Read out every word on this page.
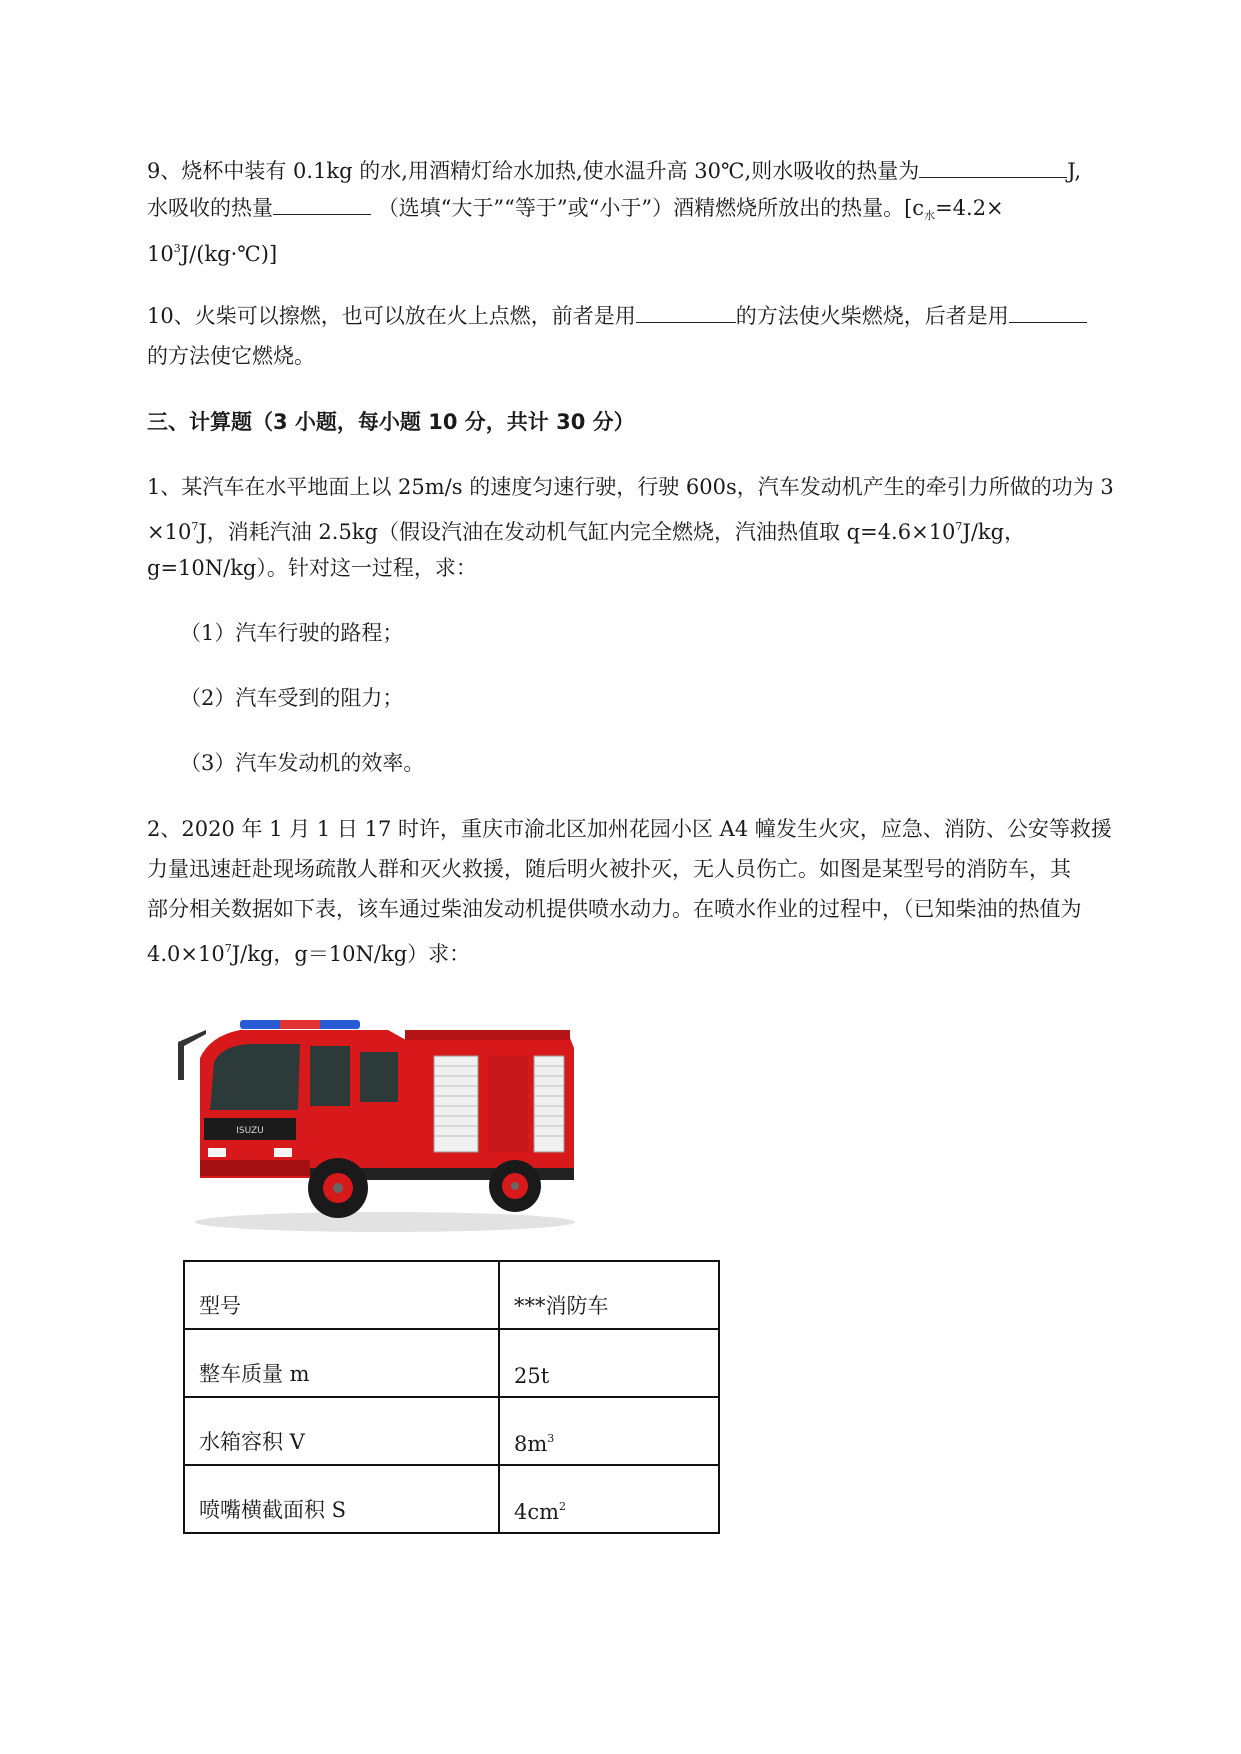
9、烧杯中装有 0.1kg 的水,用酒精灯给水加热,使水温升高 30℃,则水吸收的热量为	J,
水吸收的热量	（选填“大于”“等于”或“小于”）酒精燃烧所放出的热量。[$c_水=4.2\times$
$10^3J/(kg\cdot℃)$]
10、火柴可以擦燃，也可以放在火上点燃，前者是用	的方法使火柴燃烧，后者是用
的方法使它燃烧。
三、计算题（3 小题，每小题 10 分，共计 30 分）
1、某汽车在水平地面上以 25m/s 的速度匀速行驶，行驶 600s，汽车发动机产生的牵引力所做的功为 3
$\times 10^7J$，消耗汽油 2.5kg（假设汽油在发动机气缸内完全燃烧，汽油热值取 $q=4.6\times 10^7J/kg$，
g=10N/kg）。针对这一过程，求：
（1）汽车行驶的路程；
（2）汽车受到的阻力；
（3）汽车发动机的效率。
2、2020 年 1 月 1 日 17 时许，重庆市渝北区加州花园小区 A4 幢发生火灾，应急、消防、公安等救援
力量迅速赶赴现场疏散人群和灭火救援，随后明火被扑灭，无人员伤亡。如图是某型号的消防车，其
部分相关数据如下表，该车通过柴油发动机提供喷水动力。在喷水作业的过程中，（已知柴油的热值为
$4.0\times 10^7J/kg$，g＝10N/kg）求：
ISUZU
型号	***消防车
整车质量 m	25t
水箱容积 V	$8m^3$
喷嘴横截面积 S	$4cm^2$
